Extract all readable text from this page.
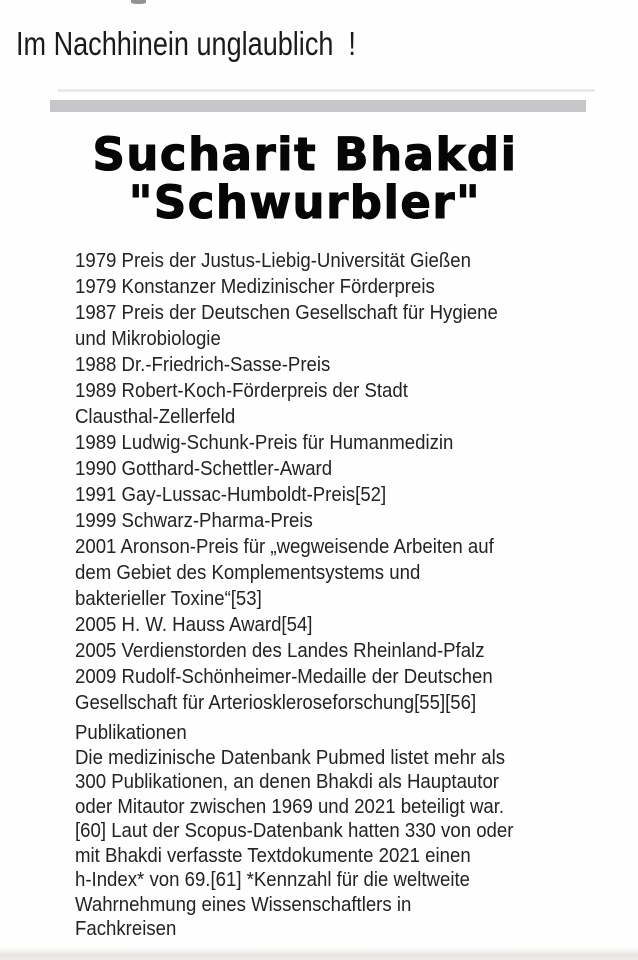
Im Nachhinein unglaublich  !
Sucharit Bhakdi
"Schwurbler"
1979 Preis der Justus-Liebig-Universität Gießen
1979 Konstanzer Medizinischer Förderpreis
1987 Preis der Deutschen Gesellschaft für Hygiene
und Mikrobiologie
1988 Dr.-Friedrich-Sasse-Preis
1989 Robert-Koch-Förderpreis der Stadt
Clausthal-Zellerfeld
1989 Ludwig-Schunk-Preis für Humanmedizin
1990 Gotthard-Schettler-Award
1991 Gay-Lussac-Humboldt-Preis[52]
1999 Schwarz-Pharma-Preis
2001 Aronson-Preis für „wegweisende Arbeiten auf
dem Gebiet des Komplementsystems und
bakterieller Toxine“[53]
2005 H. W. Hauss Award[54]
2005 Verdienstorden des Landes Rheinland-Pfalz
2009 Rudolf-Schönheimer-Medaille der Deutschen
Gesellschaft für Arterioskleroseforschung[55][56]
Publikationen
Die medizinische Datenbank Pubmed listet mehr als
300 Publikationen, an denen Bhakdi als Hauptautor
oder Mitautor zwischen 1969 und 2021 beteiligt war.
[60] Laut der Scopus-Datenbank hatten 330 von oder
mit Bhakdi verfasste Textdokumente 2021 einen
h-Index* von 69.[61] *Kennzahl für die weltweite
Wahrnehmung eines Wissenschaftlers in
Fachkreisen
